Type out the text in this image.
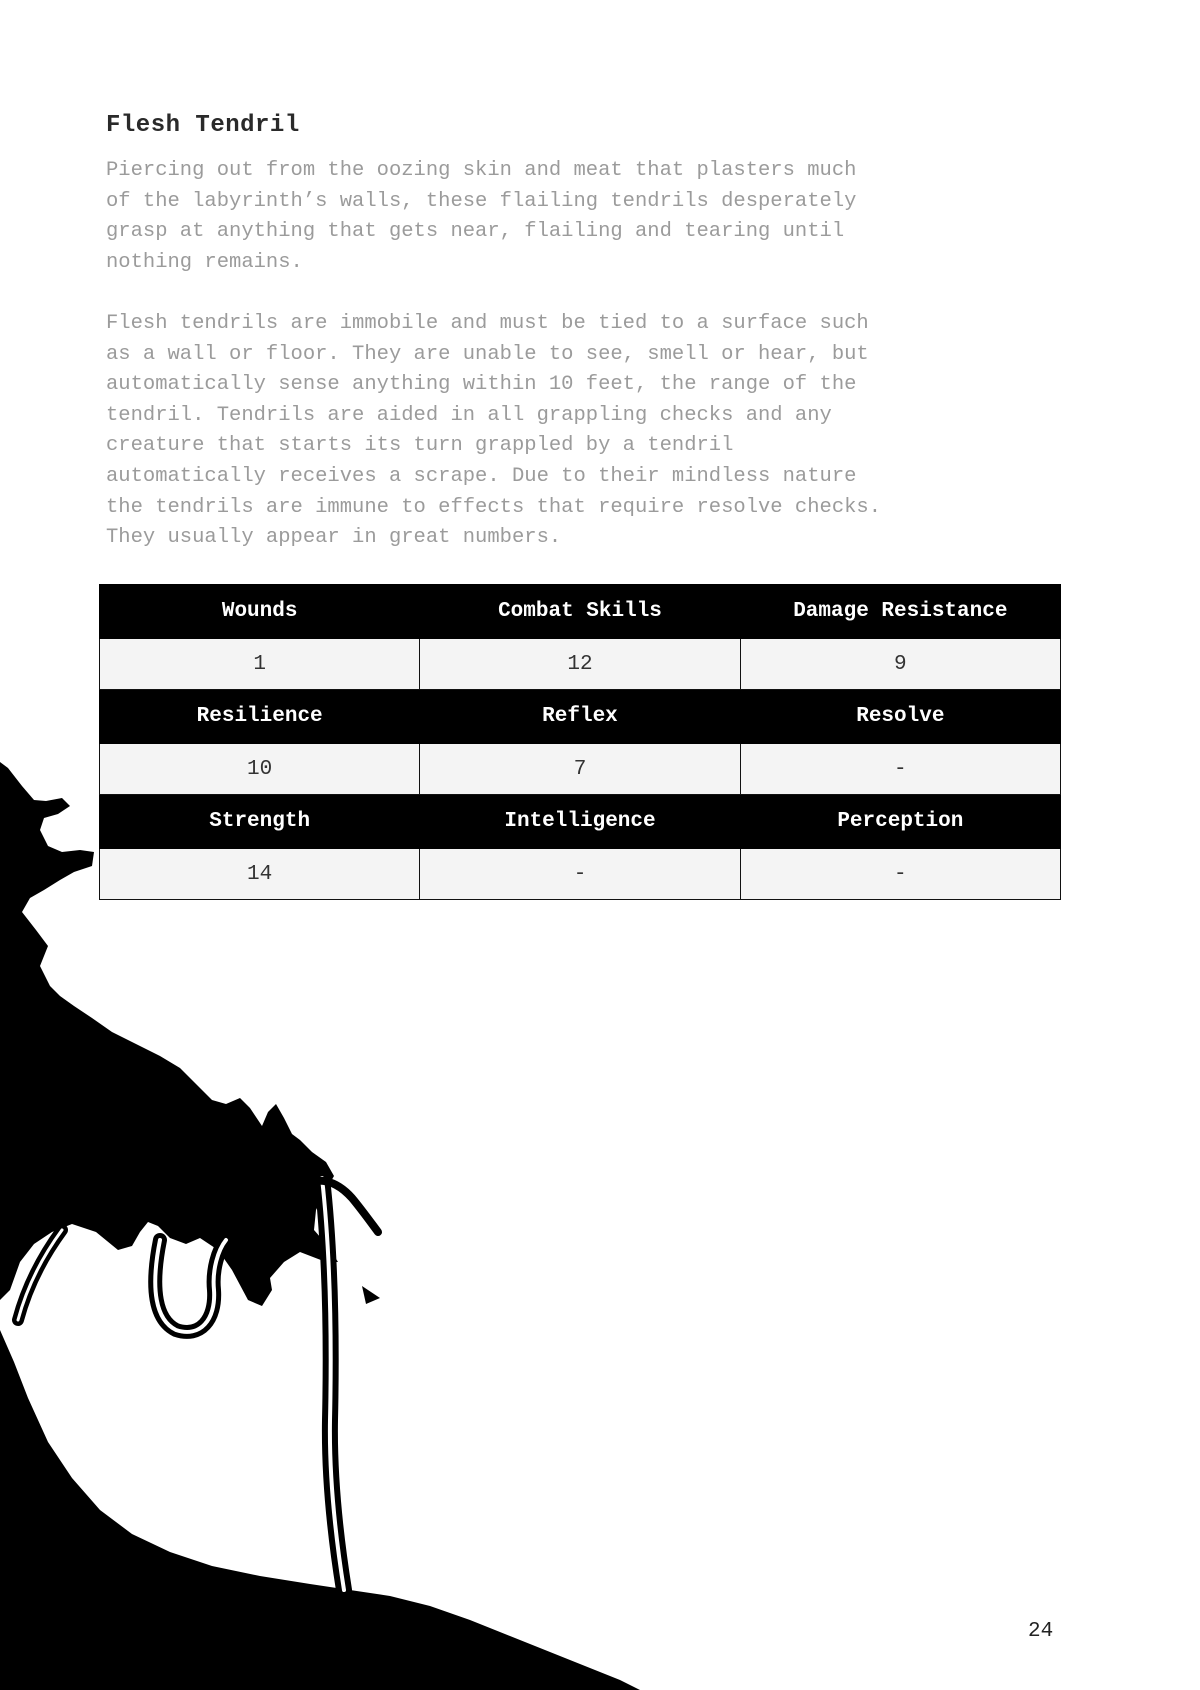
Flesh Tendril

Piercing out from the oozing skin and meat that plasters much
of the labyrinth’s walls, these flailing tendrils desperately
grasp at anything that gets near, flailing and tearing until
nothing remains.

Flesh tendrils are immobile and must be tied to a surface such
as a wall or floor. They are unable to see, smell or hear, but
automatically sense anything within 10 feet, the range of the
tendril. Tendrils are aided in all grappling checks and any
creature that starts its turn grappled by a tendril
automatically receives a scrape. Due to their mindless nature
the tendrils are immune to effects that require resolve checks.
They usually appear in great numbers.

Wounds	Combat Skills	Damage Resistance
1	12	9
Resilience	Reflex	Resolve
10	7	-
Strength	Intelligence	Perception
14	-	-
24
